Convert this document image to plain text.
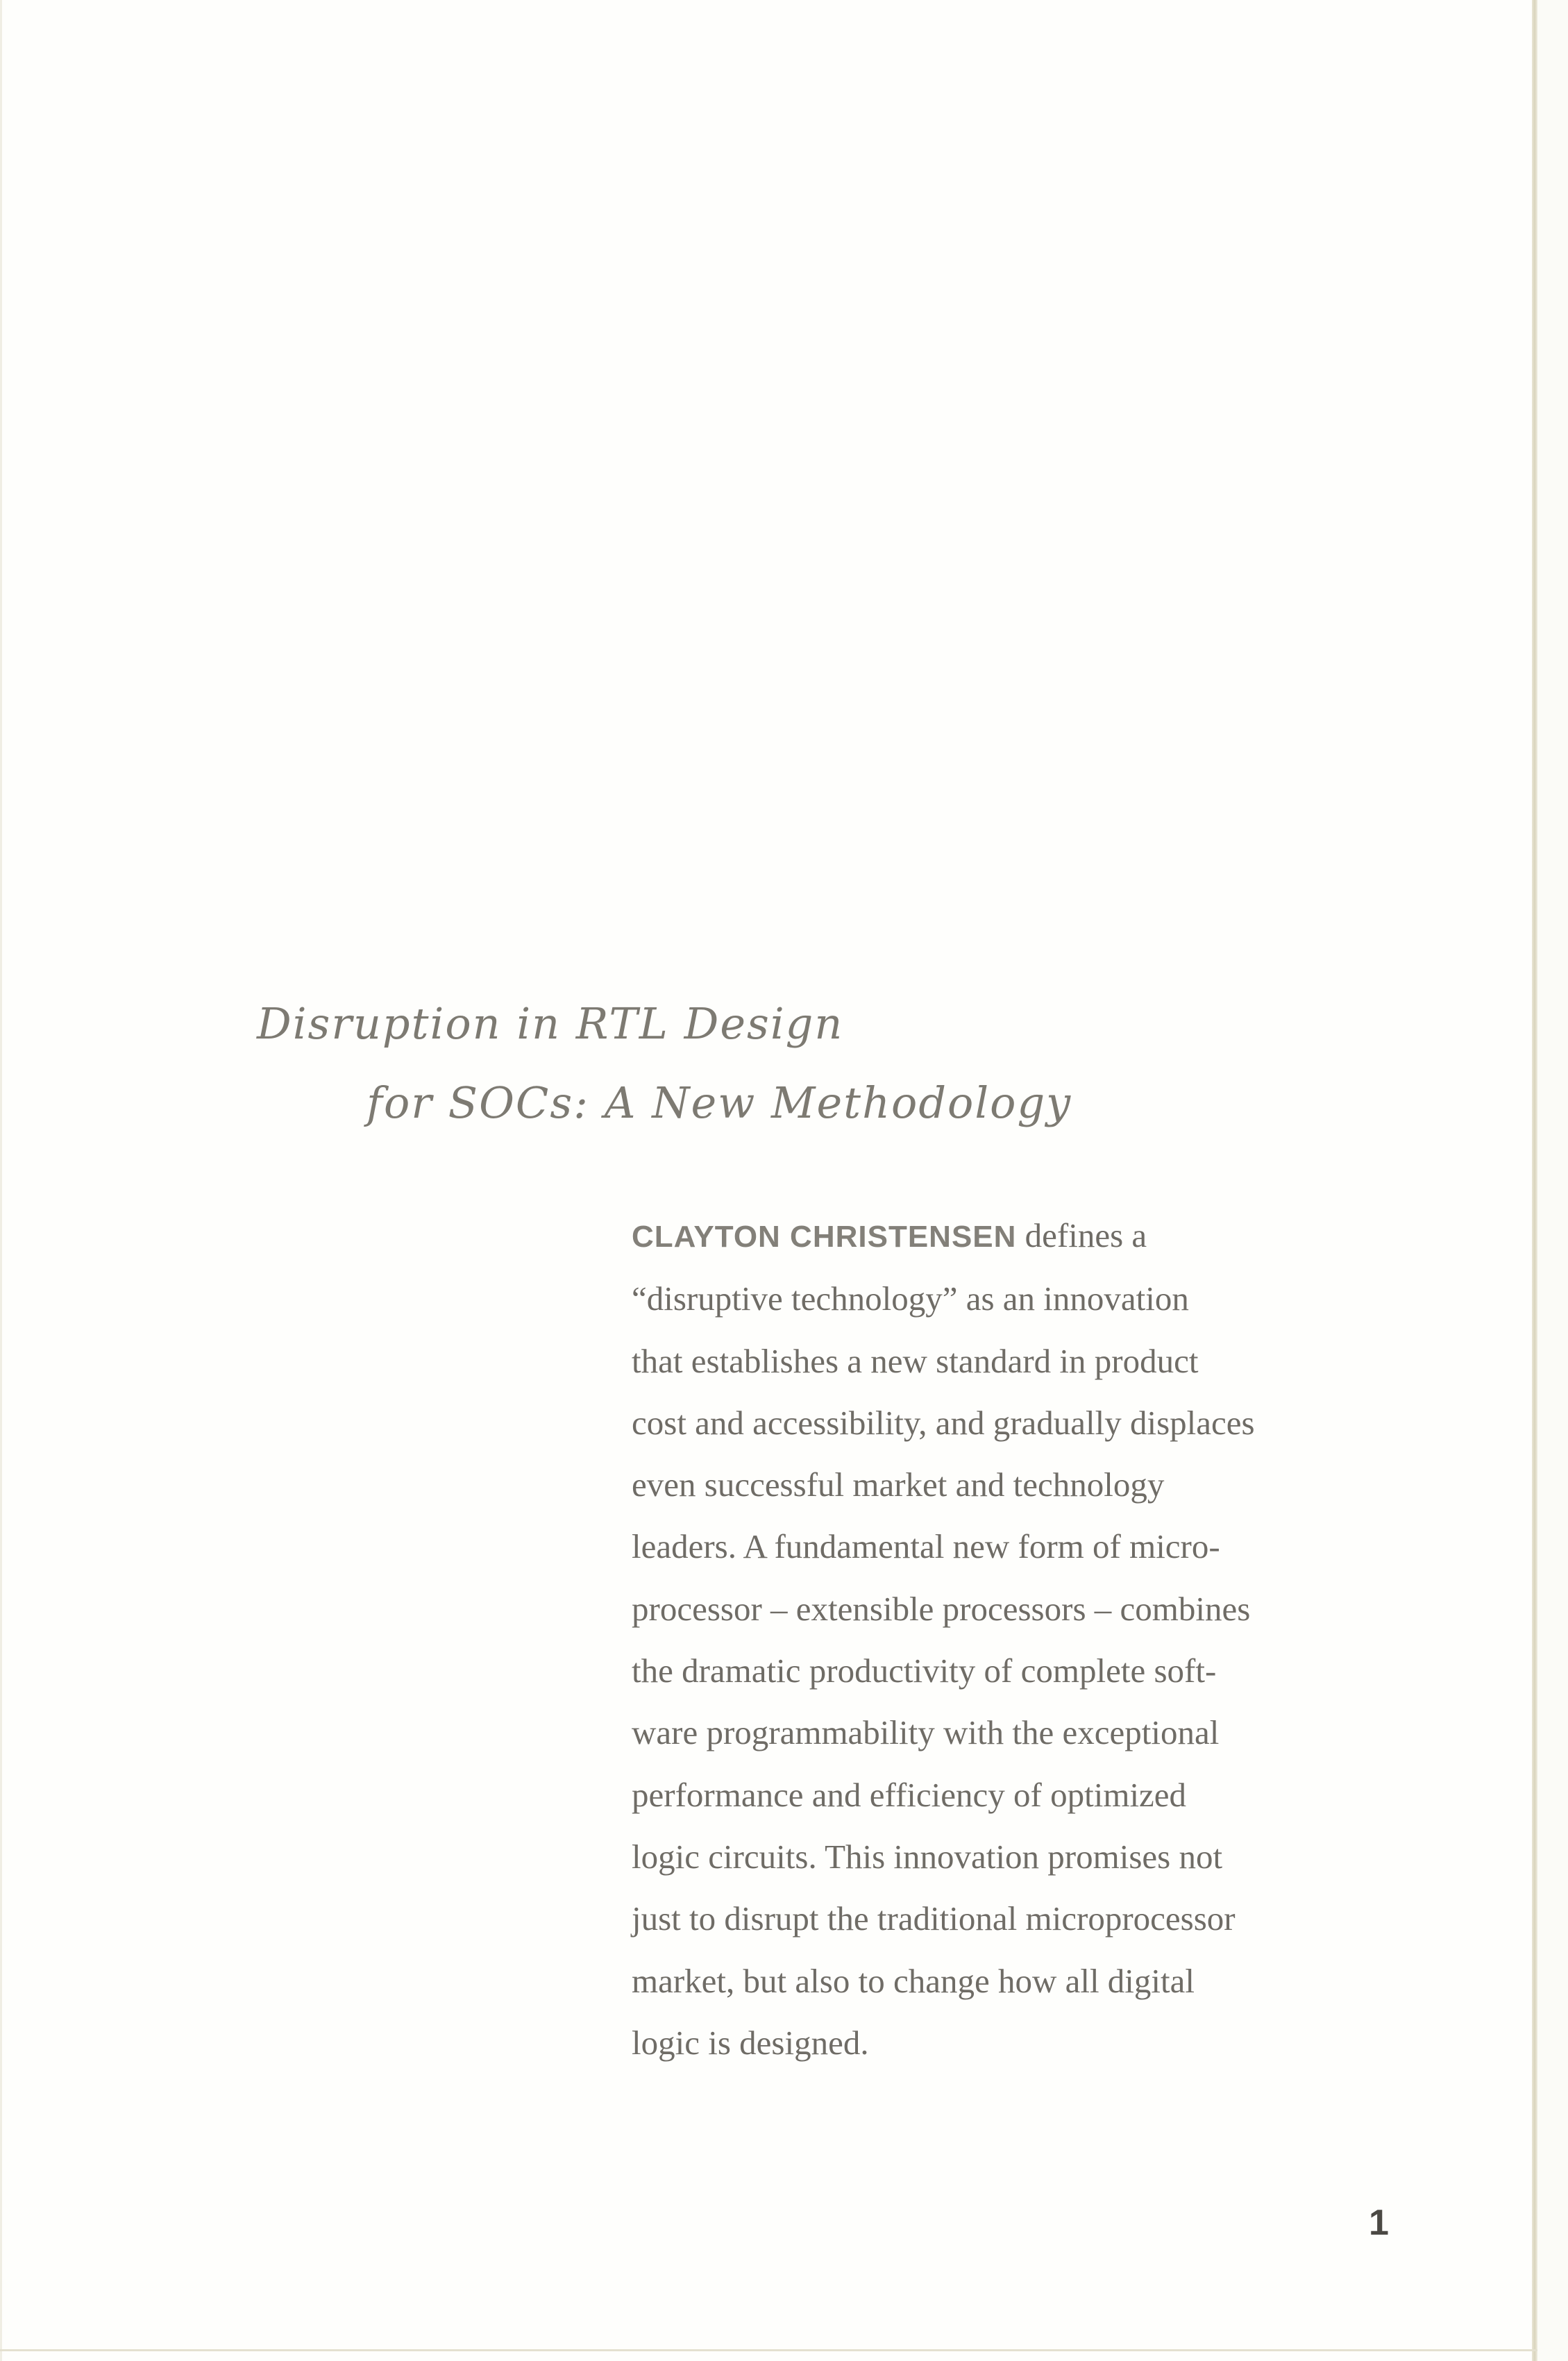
Disruption in RTL Design
for SOCs: A New Methodology

CLAYTON CHRISTENSEN defines a
“disruptive technology” as an innovation
that establishes a new standard in product
cost and accessibility, and gradually displaces
even successful market and technology
leaders. A fundamental new form of micro-
processor – extensible processors – combines
the dramatic productivity of complete soft-
ware programmability with the exceptional
performance and efficiency of optimized
logic circuits. This innovation promises not
just to disrupt the traditional microprocessor
market, but also to change how all digital
logic is designed.

1
